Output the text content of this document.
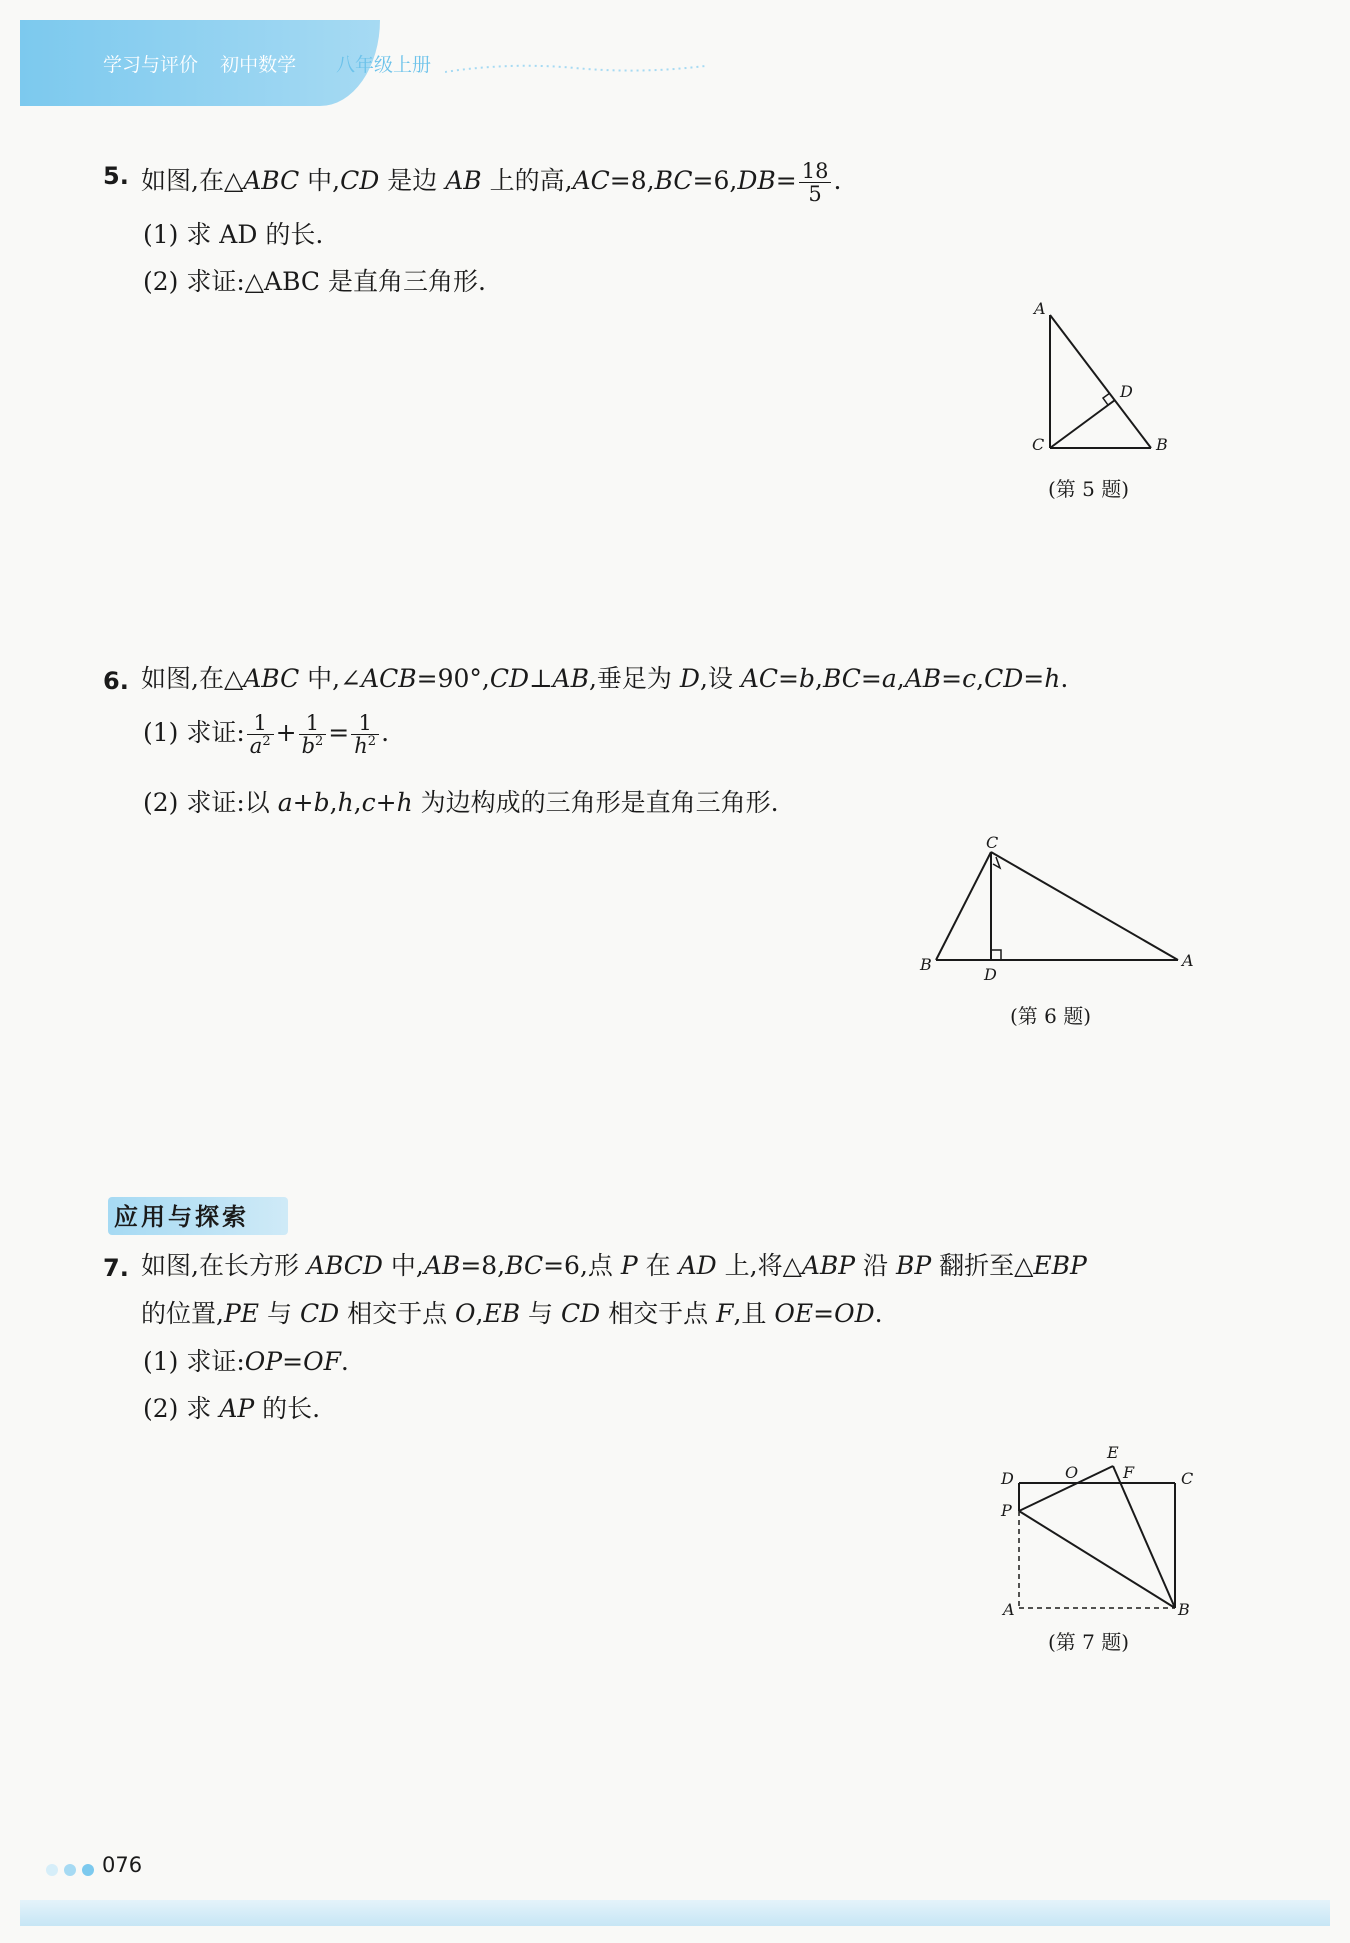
学习与评价 初中数学	八年级上册
5. 如图,在△ABC 中,CD 是边 AB 上的高$,AC=8,BC=6,DB= \frac{18}{5}$ .
(1) 求 AD 的长.
(2) 求证:△ABC 是直角三角形.
A
D
C	B
(第 5 题)
6. 如图,在△ABC 中,∠ACB=90°,CD⊥AB,垂足为 D,设 AC=b,BC=a,AB=c,CD=h.
(1) 求证: $\frac{1}{a^2} + \frac{1}{b^2} = \frac{1}{h^2}$ .
(2) 求证:以 a+b,h,c+h 为边构成的三角形是直角三角形.
C
B
D
A
(第 6 题)
应用与探索
7. 如图,在长方形 ABCD 中,AB=8,BC=6,点 P 在 AD 上,将△ABP 沿 BP 翻折至△EBP
的位置,PE 与 CD 相交于点 O,EB 与 CD 相交于点 F,且 OE=OD.
(1) 求证:OP=OF.
(2) 求 AP 的长.
E
O	F
D	C
P
A	B
(第 7 题)
076
